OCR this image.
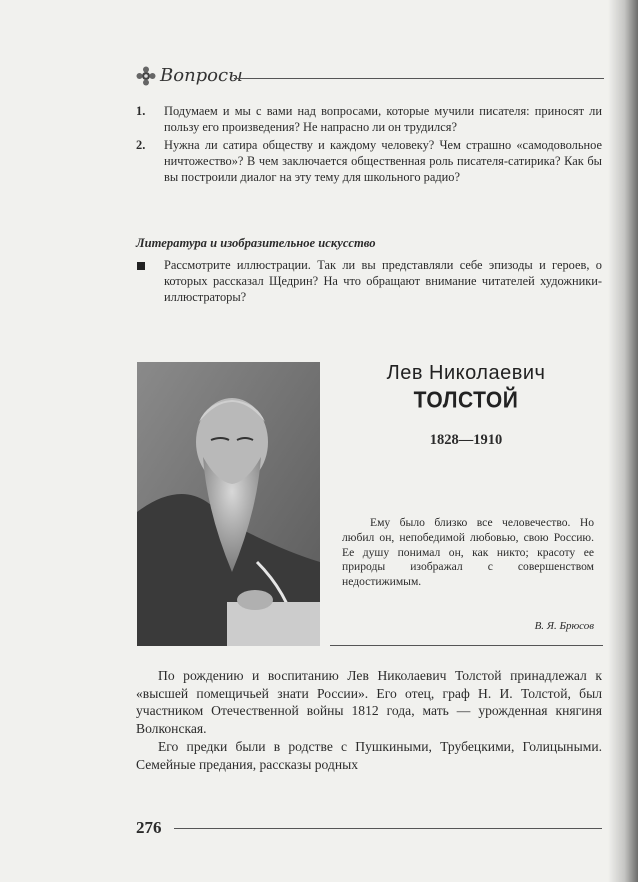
Вопросы
1. Подумаем и мы с вами над вопросами, которые мучили писателя: приносят ли пользу его произведения? Не напрасно ли он трудился?
2. Нужна ли сатира обществу и каждому человеку? Чем страшно «самодовольное ничтожество»? В чем заключается общественная роль писателя-сатирика? Как бы вы построили диалог на эту тему для школьного радио?
Литература и изобразительное искусство
Рассмотрите иллюстрации. Так ли вы представляли себе эпизоды и героев, о которых рассказал Щедрин? На что обращают внимание читателей художники-иллюстраторы?
Лев Николаевич
ТОЛСТОЙ
1828—1910
Ему было близко все человечество. Но любил он, непобедимой любовью, свою Россию. Ее душу понимал он, как никто; красоту ее природы изображал с совершенством недостижимым.
В. Я. Брюсов

По рождению и воспитанию Лев Николаевич Толстой принадлежал к «высшей помещичьей знати России». Его отец, граф Н. И. Толстой, был участником Отечественной войны 1812 года, мать — урожденная княгиня Волконская.

Его предки были в родстве с Пушкиными, Трубецкими, Голицыными. Семейные предания, рассказы родных

276
